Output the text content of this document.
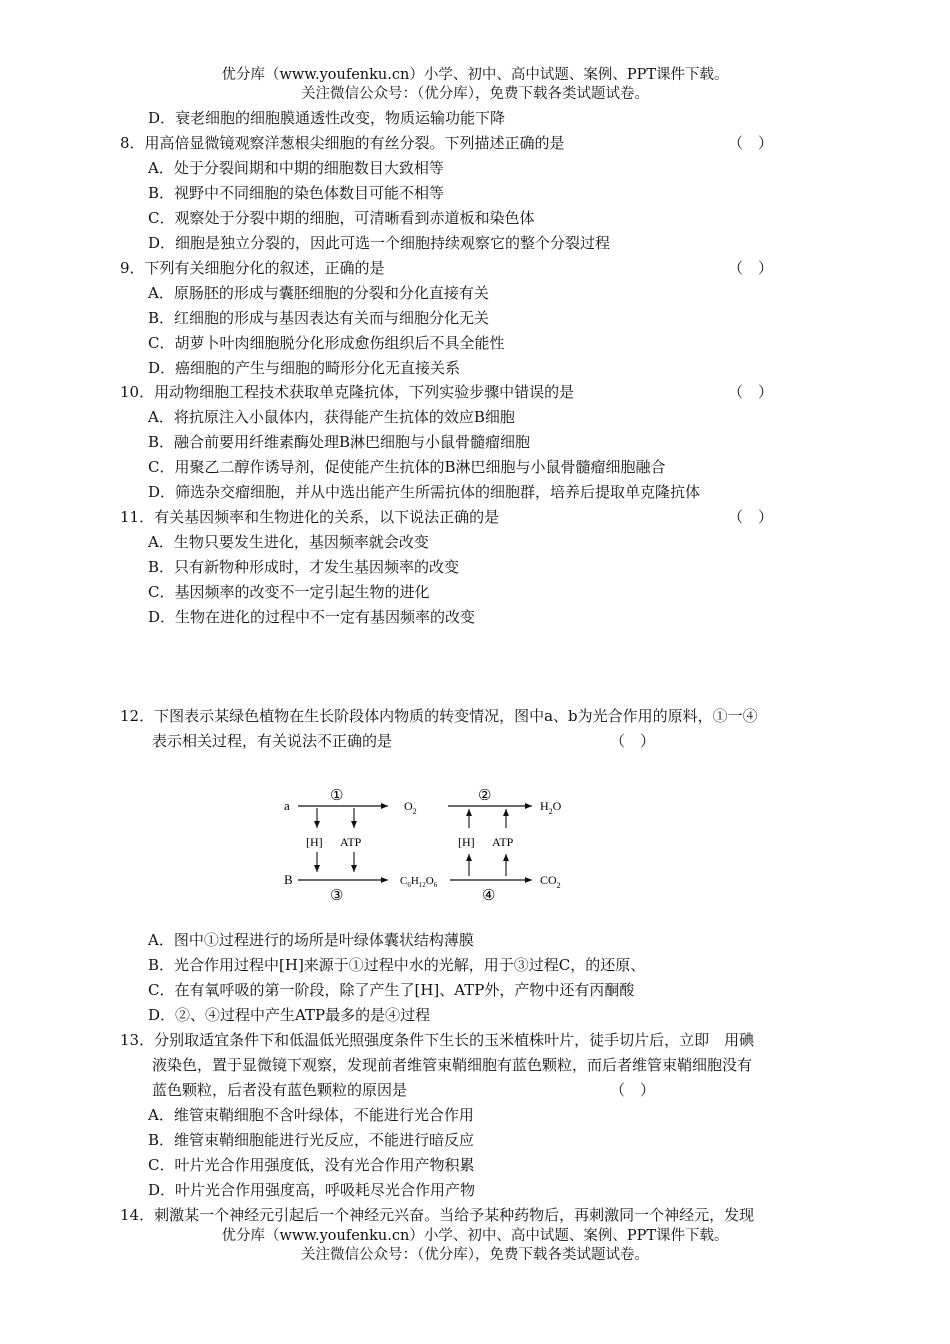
优分库（www.youfenku.cn）小学、初中、高中试题、案例、PPT课件下载。
关注微信公众号：（优分库），免费下载各类试题试卷。
D．衰老细胞的细胞膜通透性改变，物质运输功能下降
8．用高倍显微镜观察洋葱根尖细胞的有丝分裂。下列描述正确的是	（　）
A．处于分裂间期和中期的细胞数目大致相等
B．视野中不同细胞的染色体数目可能不相等
C．观察处于分裂中期的细胞，可清晰看到赤道板和染色体
D．细胞是独立分裂的，因此可选一个细胞持续观察它的整个分裂过程
9．下列有关细胞分化的叙述，正确的是	（　）
A．原肠胚的形成与囊胚细胞的分裂和分化直接有关
B．红细胞的形成与基因表达有关而与细胞分化无关
C．胡萝卜叶肉细胞脱分化形成愈伤组织后不具全能性
D．癌细胞的产生与细胞的畸形分化无直接关系
10．用动物细胞工程技术获取单克隆抗体，下列实验步骤中错误的是	（　）
A．将抗原注入小鼠体内，获得能产生抗体的效应B细胞
B．融合前要用纤维素酶处理B淋巴细胞与小鼠骨髓瘤细胞
C．用聚乙二醇作诱导剂，促使能产生抗体的B淋巴细胞与小鼠骨髓瘤细胞融合
D．筛选杂交瘤细胞，并从中选出能产生所需抗体的细胞群，培养后提取单克隆抗体
11．有关基因频率和生物进化的关系，以下说法正确的是	（　）
A．生物只要发生进化，基因频率就会改变
B．只有新物种形成时，才发生基因频率的改变
C．基因频率的改变不一定引起生物的进化
D．生物在进化的过程中不一定有基因频率的改变
12．下图表示某绿色植物在生长阶段体内物质的转变情况，图中a、b为光合作用的原料，①一④
表示相关过程，有关说法不正确的是	（　）
a
①
$O_2$
[H] ATP
B
③
$C_6H_{12}O_6$
②
$H_2O$
[H] ATP
④
$CO_2$
A．图中①过程进行的场所是叶绿体囊状结构薄膜
B．光合作用过程中[H]来源于①过程中水的光解，用于③过程C，的还原、
C．在有氧呼吸的第一阶段，除了产生了[H]、ATP外，产物中还有丙酮酸
D．②、④过程中产生ATP最多的是④过程
13．分别取适宜条件下和低温低光照强度条件下生长的玉米植株叶片，徒手切片后，立即　用碘
液染色，置于显微镜下观察，发现前者维管束鞘细胞有蓝色颗粒，而后者维管束鞘细胞没有
蓝色颗粒，后者没有蓝色颗粒的原因是	（　）
A．维管束鞘细胞不含叶绿体，不能进行光合作用
B．维管束鞘细胞能进行光反应，不能进行暗反应
C．叶片光合作用强度低，没有光合作用产物积累
D．叶片光合作用强度高，呼吸耗尽光合作用产物
14．刺激某一个神经元引起后一个神经元兴奋。当给予某种药物后，再刺激同一个神经元，发现
优分库（www.youfenku.cn）小学、初中、高中试题、案例、PPT课件下载。
关注微信公众号：（优分库），免费下载各类试题试卷。
